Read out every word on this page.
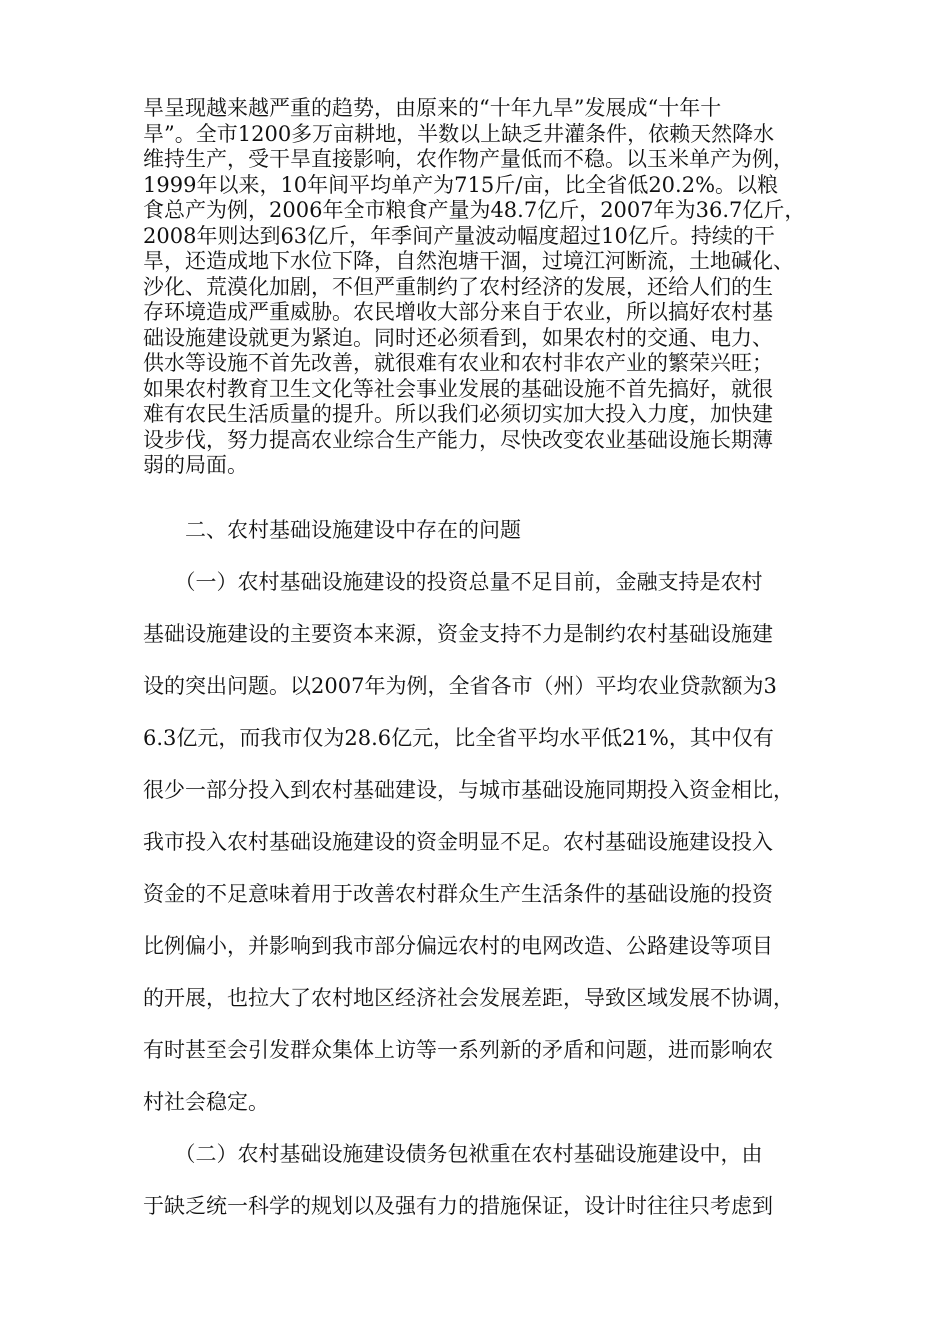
旱呈现越来越严重的趋势，由原来的“十年九旱”发展成“十年十
旱”。全市1200多万亩耕地，半数以上缺乏井灌条件，依赖天然降水
维持生产，受干旱直接影响，农作物产量低而不稳。以玉米单产为例，
1999年以来，10年间平均单产为715斤/亩，比全省低20.2%。以粮
食总产为例，2006年全市粮食产量为48.7亿斤，2007年为36.7亿斤，
2008年则达到63亿斤，年季间产量波动幅度超过10亿斤。持续的干
旱，还造成地下水位下降，自然泡塘干涸，过境江河断流，土地碱化、
沙化、荒漠化加剧，不但严重制约了农村经济的发展，还给人们的生
存环境造成严重威胁。农民增收大部分来自于农业，所以搞好农村基
础设施建设就更为紧迫。同时还必须看到，如果农村的交通、电力、
供水等设施不首先改善，就很难有农业和农村非农产业的繁荣兴旺；
如果农村教育卫生文化等社会事业发展的基础设施不首先搞好，就很
难有农民生活质量的提升。所以我们必须切实加大投入力度，加快建
设步伐，努力提高农业综合生产能力，尽快改变农业基础设施长期薄
弱的局面。
　　二、农村基础设施建设中存在的问题
　　（一）农村基础设施建设的投资总量不足目前，金融支持是农村
基础设施建设的主要资本来源，资金支持不力是制约农村基础设施建
设的突出问题。以2007年为例，全省各市（州）平均农业贷款额为3
6.3亿元，而我市仅为28.6亿元，比全省平均水平低21%，其中仅有
很少一部分投入到农村基础建设，与城市基础设施同期投入资金相比，
我市投入农村基础设施建设的资金明显不足。农村基础设施建设投入
资金的不足意味着用于改善农村群众生产生活条件的基础设施的投资
比例偏小，并影响到我市部分偏远农村的电网改造、公路建设等项目
的开展，也拉大了农村地区经济社会发展差距，导致区域发展不协调，
有时甚至会引发群众集体上访等一系列新的矛盾和问题，进而影响农
村社会稳定。
　　（二）农村基础设施建设债务包袱重在农村基础设施建设中，由
于缺乏统一科学的规划以及强有力的措施保证，设计时往往只考虑到
